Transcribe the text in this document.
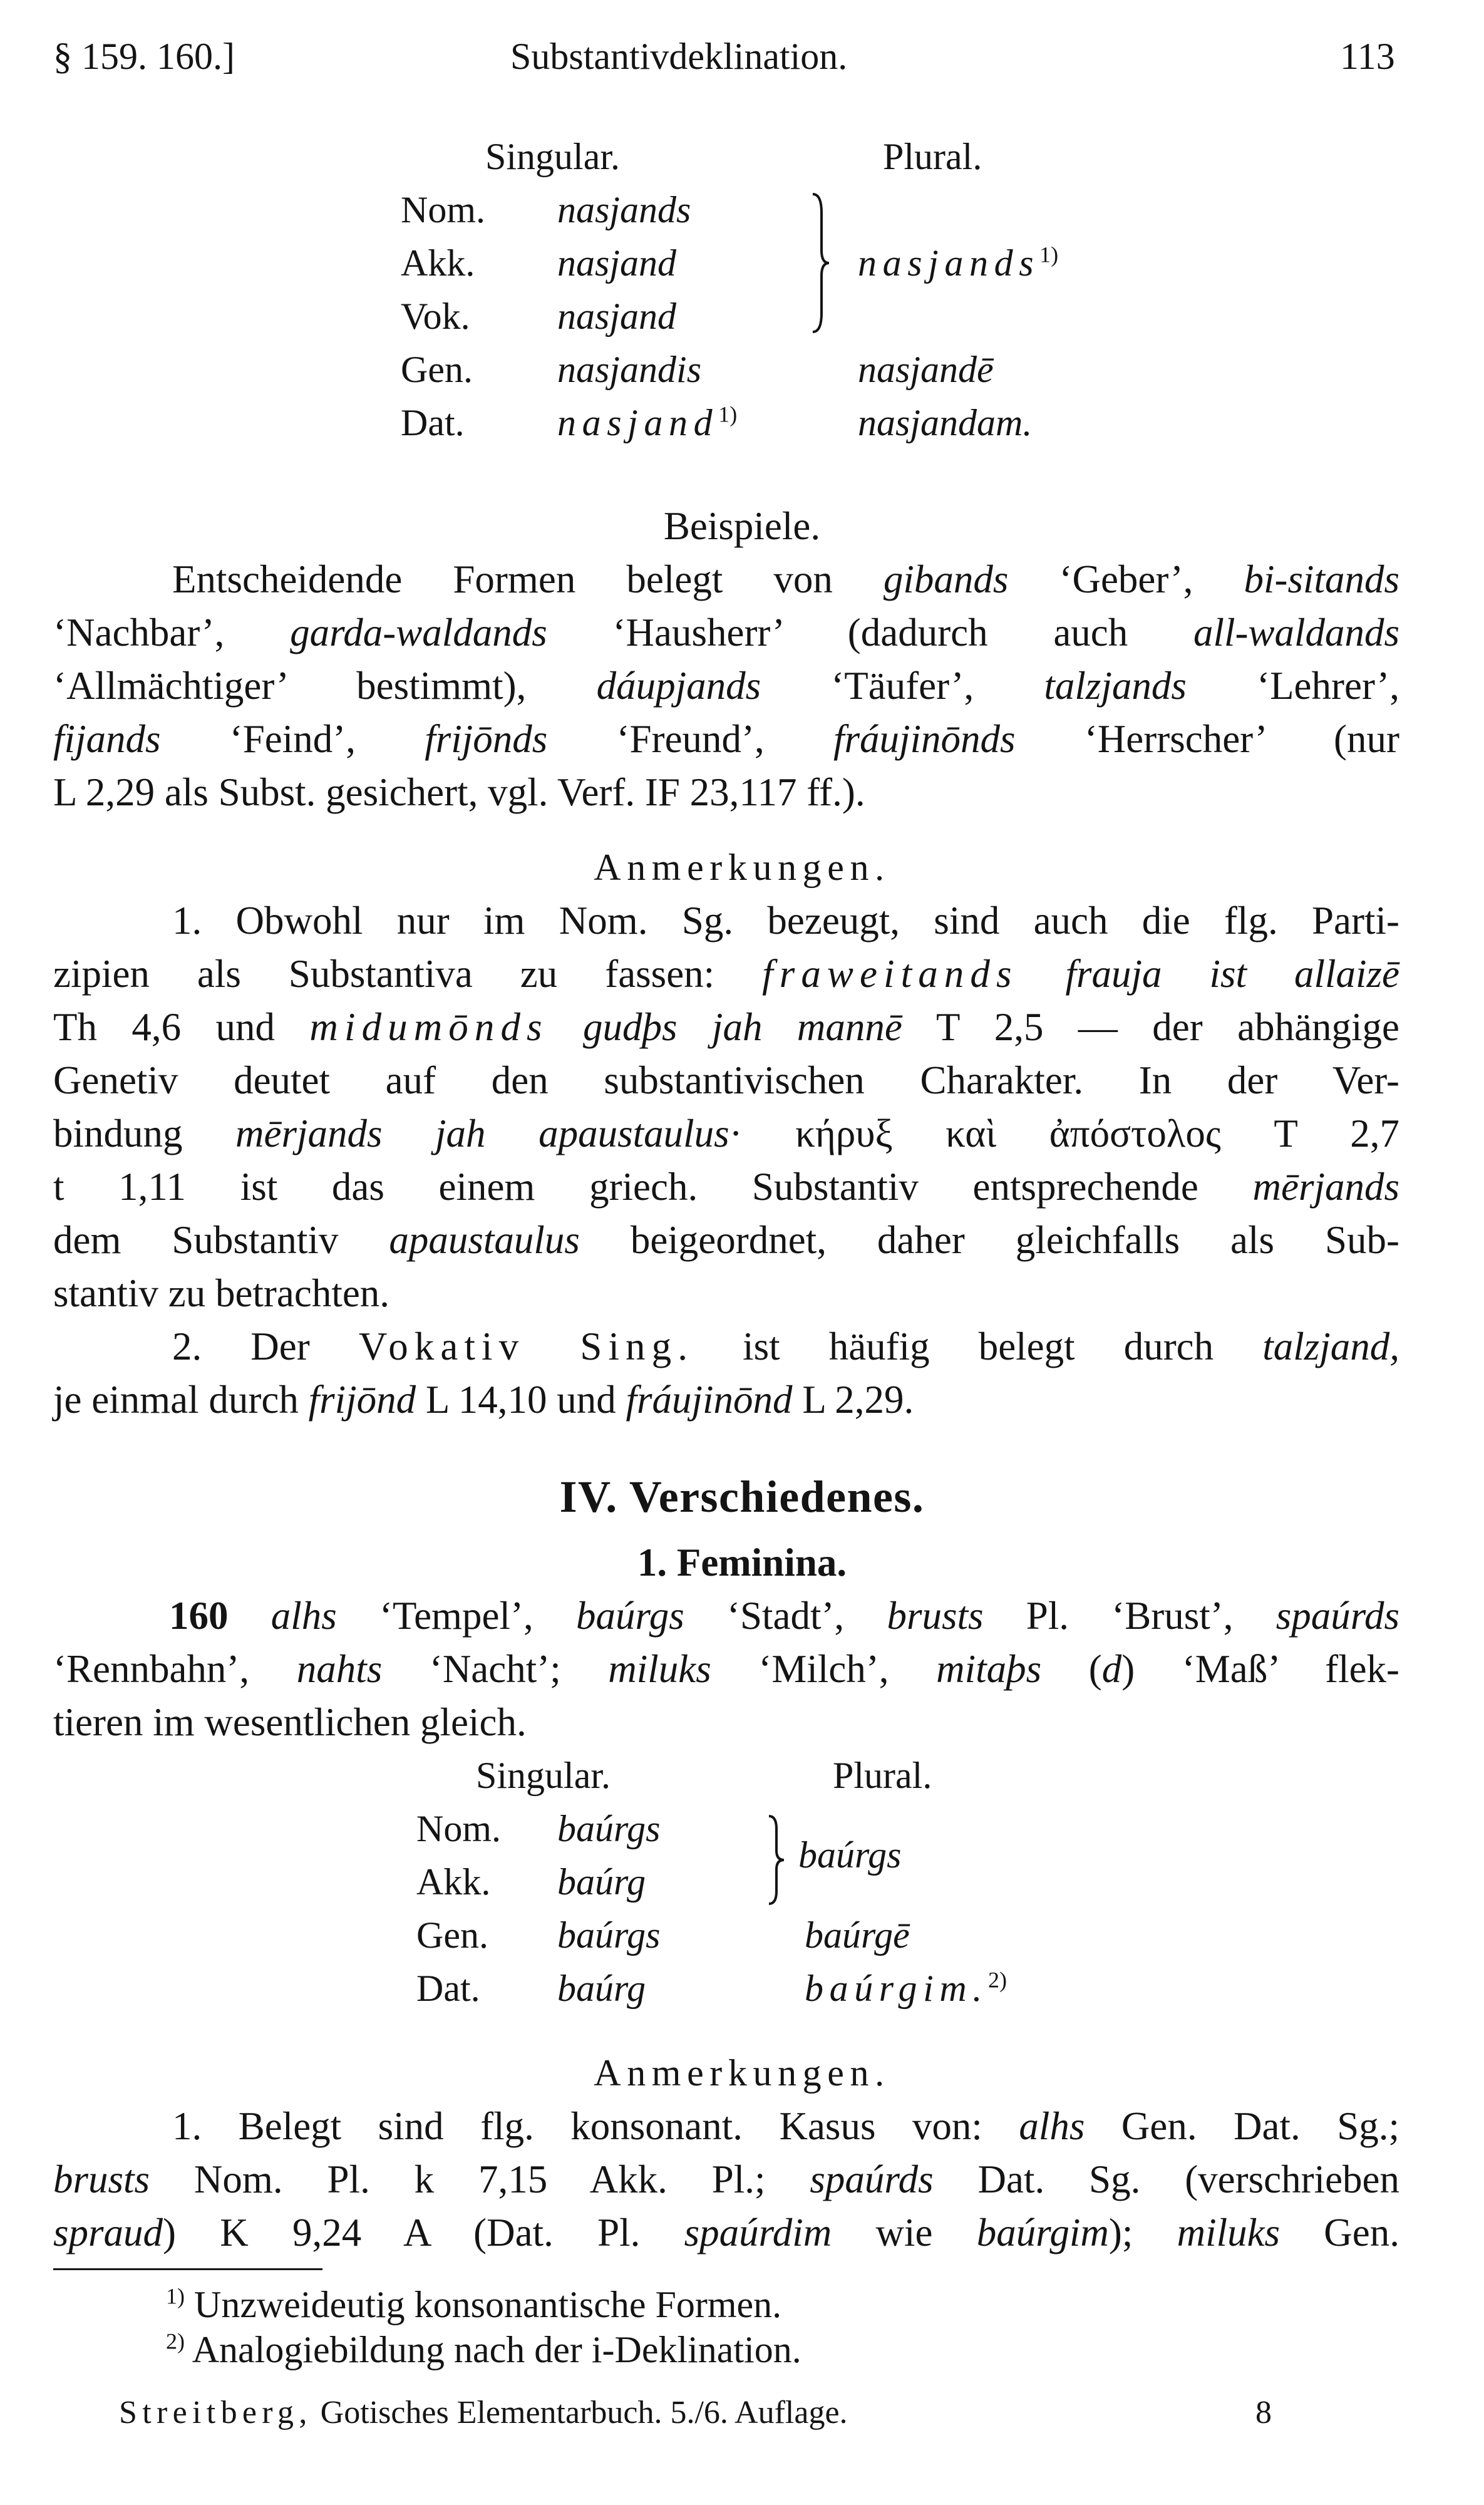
§ 159. 160.]	Substantivdeklination.	113
Singular.	Plural.
Nom. nasjands
Akk. nasjand	nasjands$^{1)}$
Vok. nasjand
Gen. nasjandis	nasjandē
Dat. nasjand$^{1)}$	nasjandam.
Beispiele.
Entscheidende Formen belegt von gibands ‘Geber’, bi-sitands
‘Nachbar’, garda-waldands ‘Hausherr’ (dadurch auch all-waldands
‘Allmächtiger’ bestimmt), dáupjands ‘Täufer’, talzjands ‘Lehrer’,
fijands ‘Feind’, frijōnds ‘Freund’, fráujinōnds ‘Herrscher’ (nur
L 2,29 als Subst. gesichert, vgl. Verf. IF 23,117 ff.).
Anmerkungen.
1. Obwohl nur im Nom. Sg. bezeugt, sind auch die flg. Parti-
zipien als Substantiva zu fassen: fraweitands frauja ist allaizē
Th 4,6 und midumōnds gudþs jah mannē T 2,5 — der abhängige
Genetiv deutet auf den substantivischen Charakter. In der Ver-
bindung mērjands jah apaustaulus· κήρυξ καὶ ἀπόστολος T 2,7
t 1,11 ist das einem griech. Substantiv entsprechende mērjands
dem Substantiv apaustaulus beigeordnet, daher gleichfalls als Sub-
stantiv zu betrachten.
2. Der Vokativ Sing. ist häufig belegt durch talzjand,
je einmal durch frijōnd L 14,10 und fráujinōnd L 2,29.
IV. Verschiedenes.
1. Feminina.
160 alhs ‘Tempel’, baúrgs ‘Stadt’, brusts Pl. ‘Brust’, spaúrds
‘Rennbahn’, nahts ‘Nacht’; miluks ‘Milch’, mitaþs (d) ‘Maß’ flek-
tieren im wesentlichen gleich.
Singular.	Plural.
Nom. baúrgs
Akk. baúrg
baúrgs
Gen. baúrgs	baúrgē
Dat. baúrg	baúrgim.$^{2)}$
Anmerkungen.
1. Belegt sind flg. konsonant. Kasus von: alhs Gen. Dat. Sg.;
brusts Nom. Pl. k 7,15 Akk. Pl.; spaúrds Dat. Sg. (verschrieben
spraud) K 9,24 A (Dat. Pl. spaúrdim wie baúrgim); miluks Gen.
$^{1)}$ Unzweideutig konsonantische Formen.
$^{2)}$ Analogiebildung nach der i-Deklination.
Streitberg, Gotisches Elementarbuch. 5./6. Auflage.	8
